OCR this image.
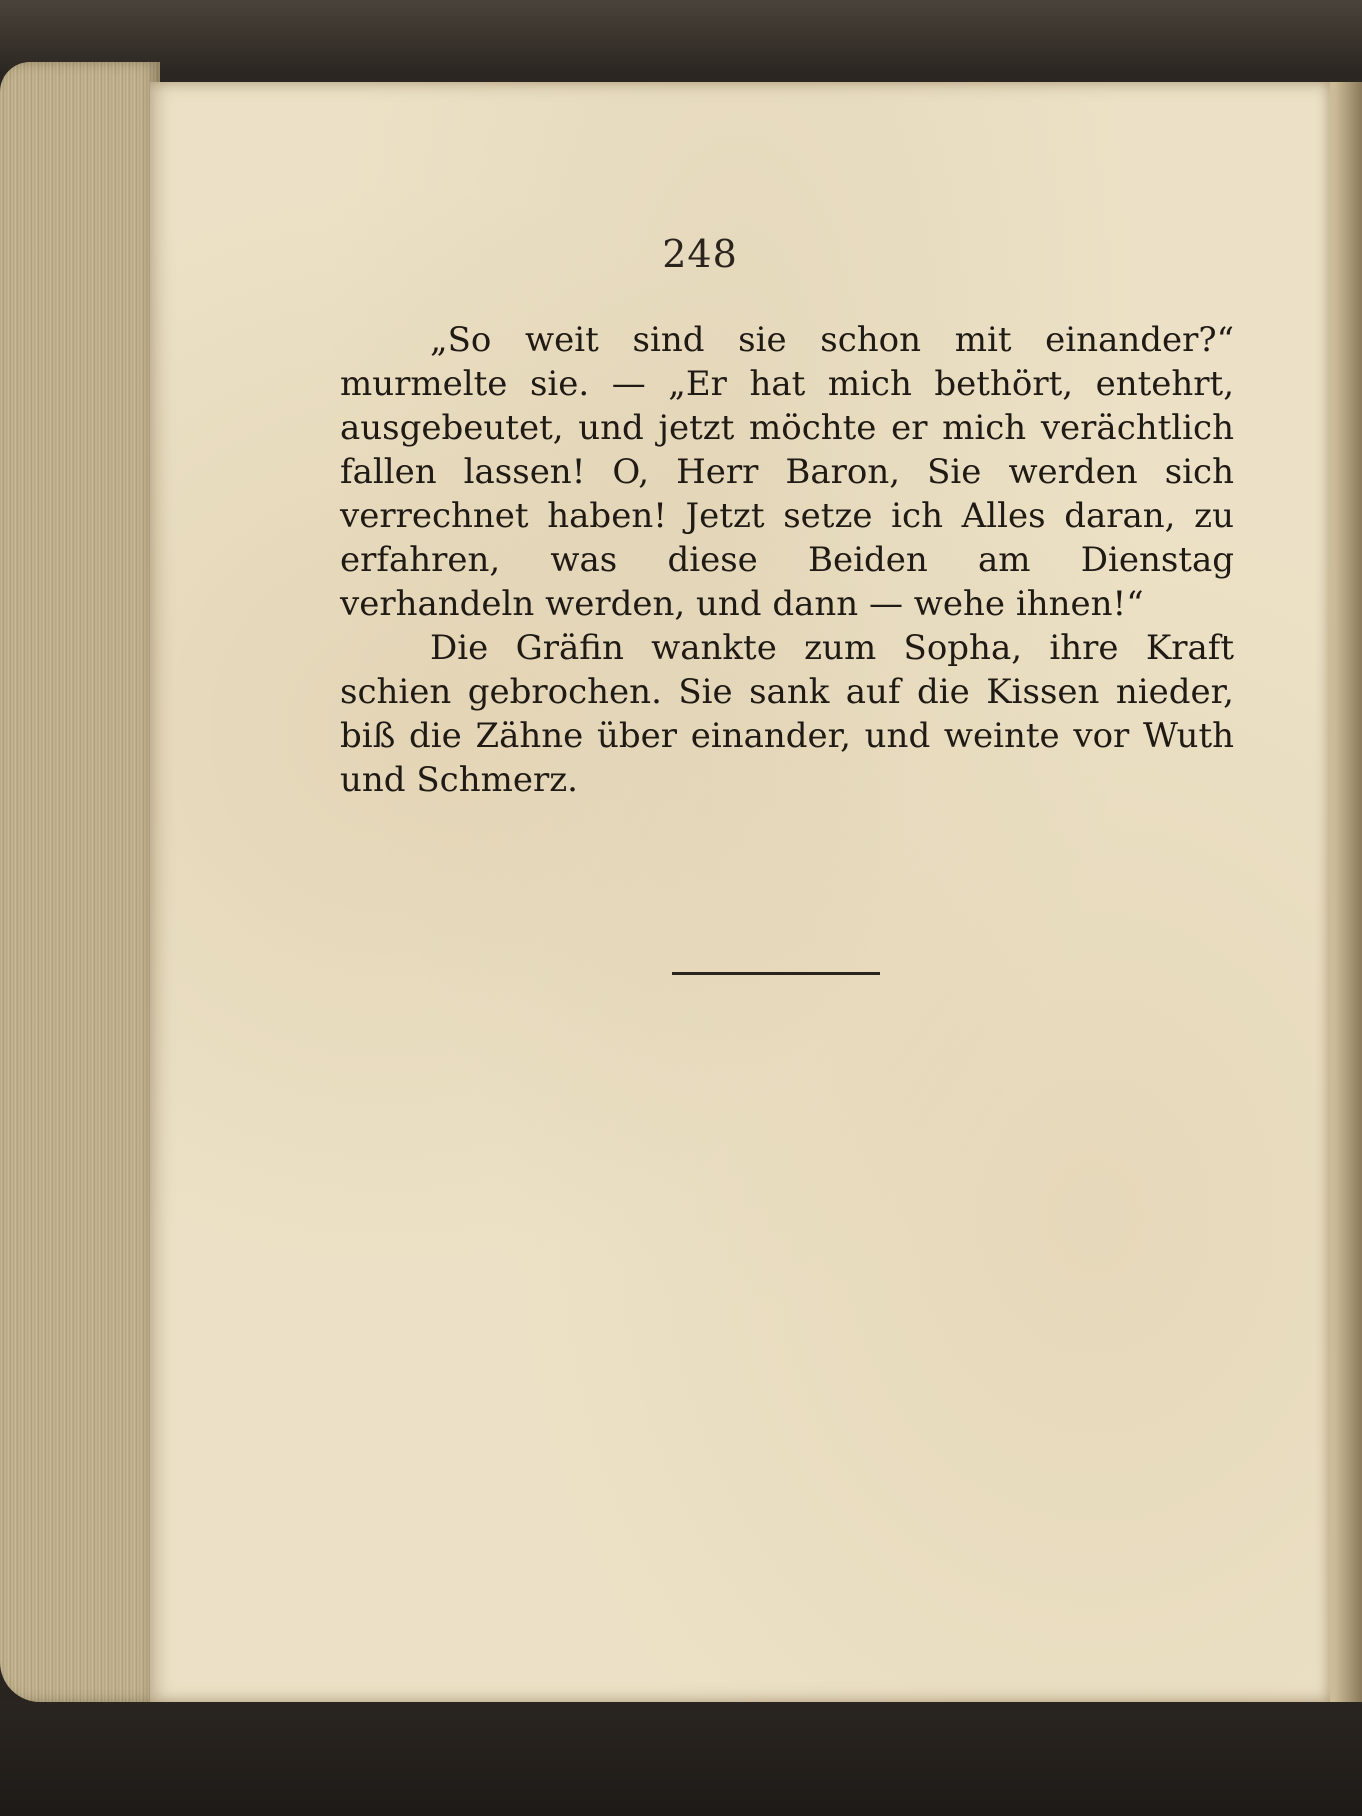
248

„So weit sind sie schon mit einander?“ murmelte sie. — „Er hat mich bethört, entehrt, ausgebeutet, und jetzt möchte er mich verächtlich fallen lassen! O, Herr Baron, Sie werden sich verrechnet haben! Jetzt setze ich Alles daran, zu erfahren, was diese Beiden am Dienstag verhandeln werden, und dann — wehe ihnen!“

Die Gräfin wankte zum Sopha, ihre Kraft schien gebrochen. Sie sank auf die Kissen nieder, biß die Zähne über einander, und weinte vor Wuth und Schmerz.
